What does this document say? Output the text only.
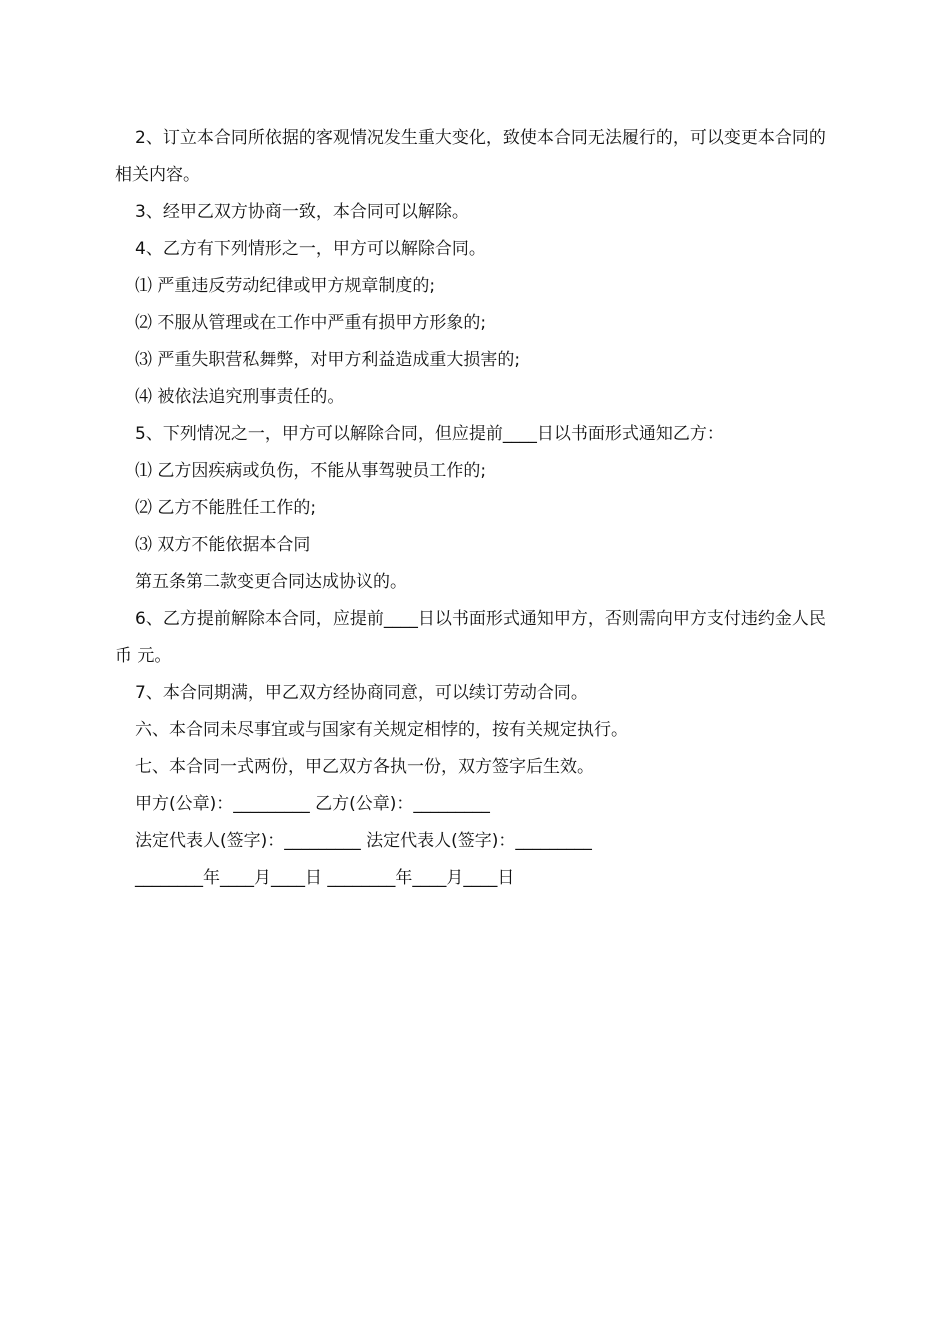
2、订立本合同所依据的客观情况发生重大变化，致使本合同无法履行的，可以变更本合同的相关内容。

3、经甲乙双方协商一致，本合同可以解除。

4、乙方有下列情形之一，甲方可以解除合同。

⑴ 严重违反劳动纪律或甲方规章制度的;

⑵ 不服从管理或在工作中严重有损甲方形象的;

⑶ 严重失职营私舞弊，对甲方利益造成重大损害的;

⑷ 被依法追究刑事责任的。

5、下列情况之一，甲方可以解除合同，但应提前____日以书面形式通知乙方：

⑴ 乙方因疾病或负伤，不能从事驾驶员工作的;

⑵ 乙方不能胜任工作的;

⑶ 双方不能依据本合同

第五条第二款变更合同达成协议的。

6、乙方提前解除本合同，应提前____日以书面形式通知甲方，否则需向甲方支付违约金人民币 元。

7、本合同期满，甲乙双方经协商同意，可以续订劳动合同。

六、本合同未尽事宜或与国家有关规定相悖的，按有关规定执行。

七、本合同一式两份，甲乙双方各执一份，双方签字后生效。

甲方(公章)：_________ 乙方(公章)：_________

法定代表人(签字)：_________ 法定代表人(签字)：_________

________年____月____日 ________年____月____日
